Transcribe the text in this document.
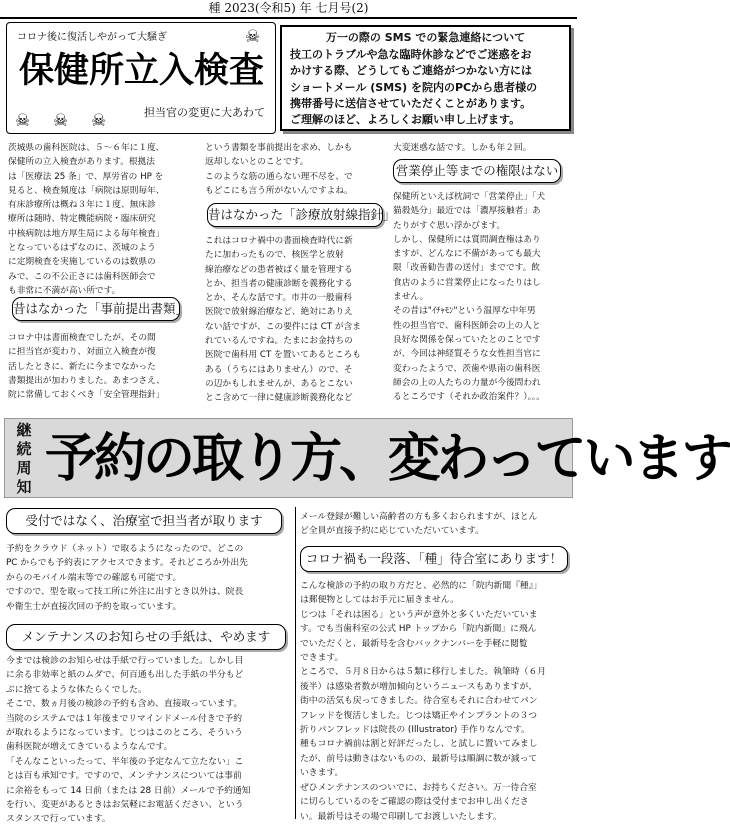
種 2023(令和5) 年 七月号(2)
コロナ後に復活しやがって大騒ぎ	☠
保健所立入検査
☠ ☠ ☠	担当官の変更に大あわて
万一の際の SMS での緊急連絡について
技工のトラブルや急な臨時休診などでご迷惑をお
かけする際、どうしてもご連絡がつかない方には
ショートメール (SMS) を院内のPCから患者様の
携帯番号に送信させていただくことがあります。
ご理解のほど、よろしくお願い申し上げます。

茨城県の歯科医院は、５～６年に１度、

保健所の立入検査があります。根拠法

は「医療法 25 条」で、厚労省の HP を

見ると、検査頻度は「病院は原則毎年、

有床診療所は概ね３年に１度、無床診

療所は随時、特定機能病院・臨床研究

中核病院は地方厚生局による毎年検査」

となっているはずなのに、茨城のよう

に定期検査を実施しているのは数県の

みで、この不公正さには歯科医師会で

も非常に不満が高い所です。

昔はなかった「事前提出書類」

コロナ中は書面検査でしたが、その間

に担当官が変わり、対面立入検査が復

活したときに、新たに今までなかった

書類提出が加わりました。あまつさえ、

院に常備しておくべき「安全管理指針」

という書類を事前提出を求め、しかも

返却しないとのことです。

このような筋の通らない理不尽を、で

もどこにも言う所がないんですよね。

昔はなかった「診療放射線指針」

これはコロナ禍中の書面検査時代に新

たに加わったもので、核医学と放射

線治療などの患者被ばく量を管理する

とか、担当者の健康診断を義務化する

とか、そんな話です。市井の一般歯科

医院で放射線治療など、絶対にありえ

ない話ですが、この要件には CT が含ま

れているんですね。たまにお金持ちの

医院で歯科用 CT を置いてあるところも

ある（うちにはありません）ので、そ

の辺かもしれませんが、あるとこない

とこ含めて一律に健康診断義務化など

大変迷惑な話です。しかも年２回。

営業停止等までの権限はない

保健所といえば枕詞で「営業停止」「犬

猫殺処分」最近では「濃厚接触者」あ

たりがすぐ思い浮かびます。

しかし、保健所には質問調査権はあり

ますが、どんなに不備があっても最大

限「改善勧告書の送付」までです。飲

食店のように営業停止になったりはし

ません。

その昔は"ｲﾁｬﾓﾝ"という温厚な中年男

性の担当官で、歯科医師会の上の人と

良好な関係を保っていたとのことです

が、今回は神経質そうな女性担当官に

変わったようで、茨歯や県南の歯科医

師会の上の人たちの力量が今後問われ

るところです（それか政治案件？）。。。

継
続
周
知 予約の取り方、変わっています
受付ではなく、治療室で担当者が取ります

予約をクラウド（ネット）で取るようになったので、どこの

PC からでも予約表にアクセスできます。それどころか外出先

からのモバイル端末等での確認も可能です。

ですので、型を取って技工所に外注に出すとき以外は、院長

や衛生士が直接次回の予約を取っています。

メンテナンスのお知らせの手紙は、やめます

今までは検診のお知らせは手紙で行っていました。しかし目

に余る非効率と紙のムダで、何百通も出した手紙の半分もど

ぶに捨てるような体たらくでした。

そこで、数ヵ月後の検診の予約も含め、直接取っています。

当院のシステムでは１年後までリマインドメール付きで予約

が取れるようになっています。じつはこのところ、そういう

歯科医院が増えてきているようなんです。

「そんなこといったって、半年後の予定なんて立たない」こ

とは百も承知です。ですので、メンテナンスについては事前

に余裕をもって 14 日前（または 28 日前）メールで予約通知

を行い、変更があるときはお気軽にお電話ください、という

スタンスで行っています。

メール登録が難しい高齢者の方も多くおられますが、ほとん

ど全員が直接予約に応じていただいています。

コロナ禍も一段落、「種」待合室にあります！

こんな検診の予約の取り方だと、必然的に「院内新聞『種』」

は郵便物としてはお手元に届きません。

じつは「それは困る」という声が意外と多くいただいていま

す。でも当歯科室の公式 HP トップから「院内新聞」に飛ん

でいただくと、最新号を含むバックナンバーを手軽に閲覧

できます。

ところで、５月８日からは５類に移行しました。執筆時（６月

後半）は感染者数が増加傾向というニュースもありますが、

街中の活気も戻ってきました。待合室もそれに合わせてパン

フレッドを復活しました。じつは矯正やインプラントの３つ

折りパンフレッドは院長の (Illustrator) 手作りなんです。

種もコロナ禍前は割と好評だったし、と試しに置いてみまし

たが、前号は動きはないものの、最新号は順調に数が減って

いきます。

ぜひメンテナンスのついでに、お持ちください。万一待合室

に切らしているのをご確認の際は受付までお申し出くださ

い。最新号はその場で印刷してお渡しいたします。
